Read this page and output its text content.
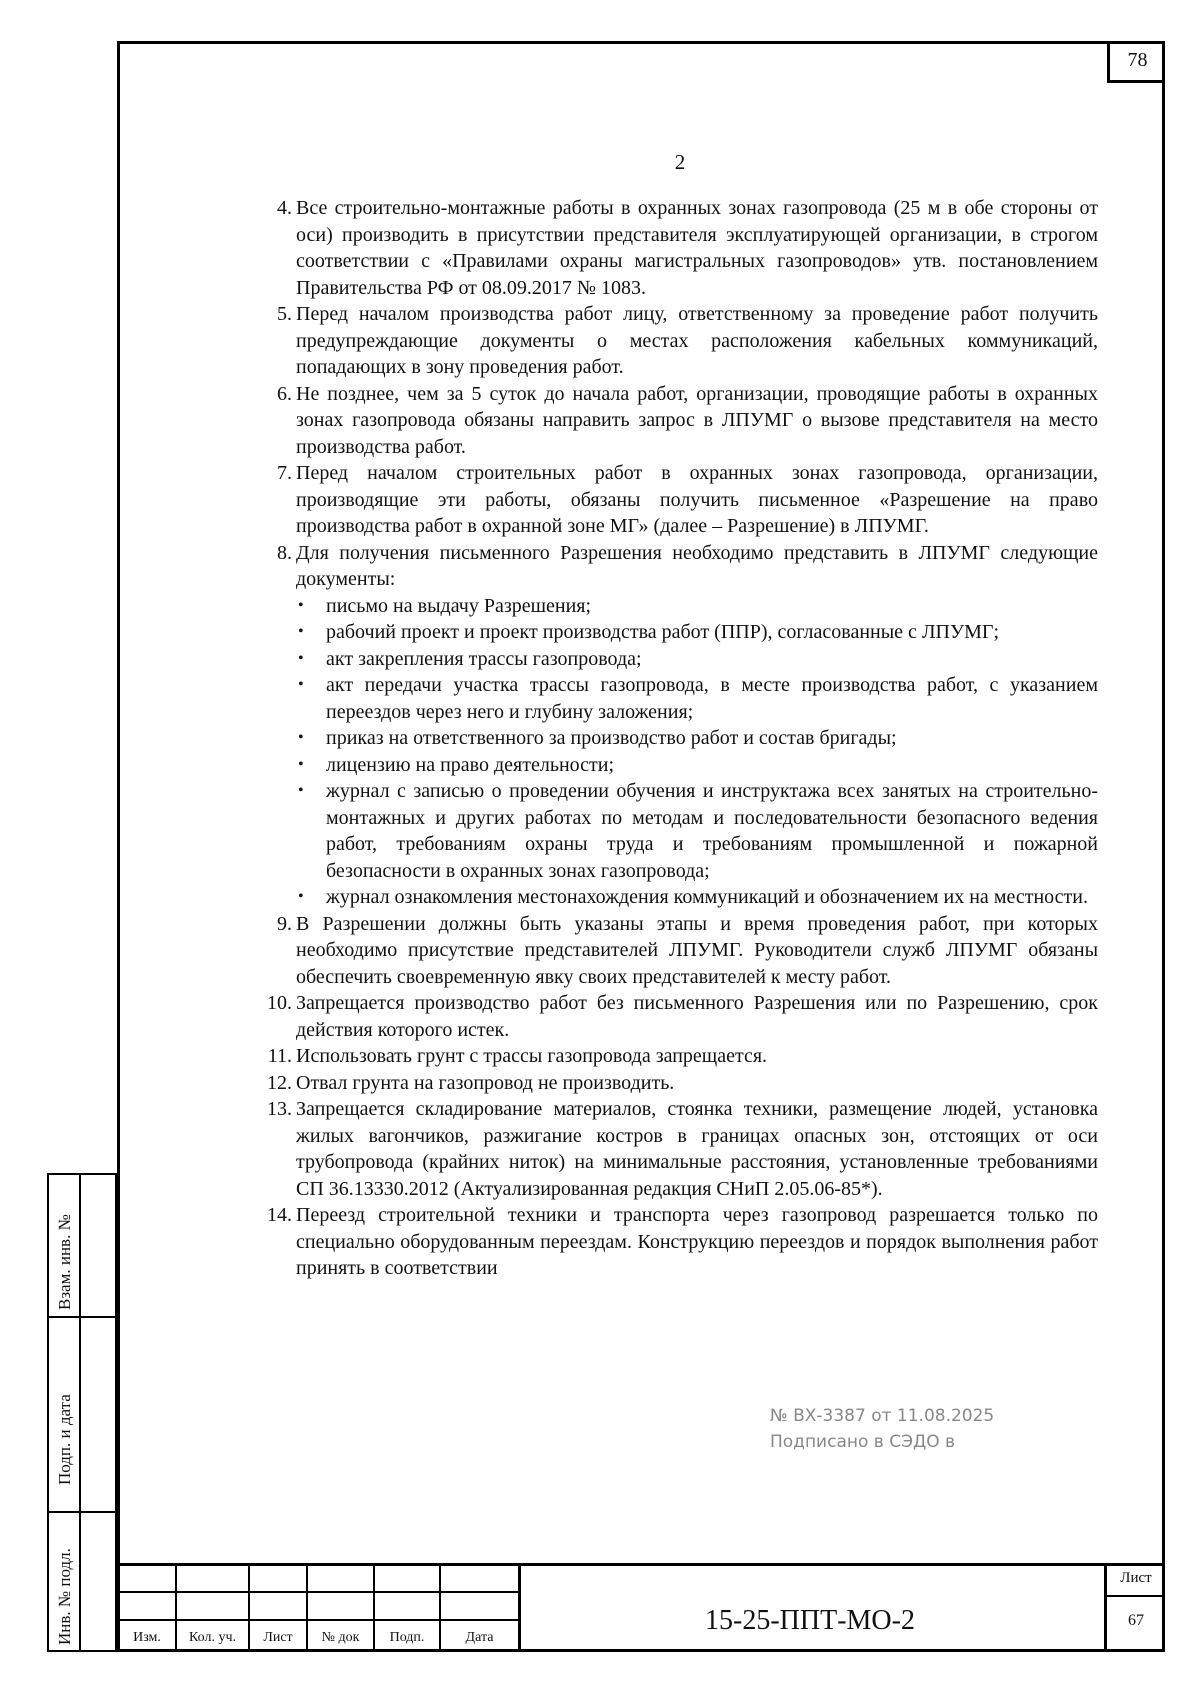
78
2
4. Все строительно-монтажные работы в охранных зонах газопровода (25 м в обе стороны от оси) производить в присутствии представителя эксплуатирующей организации, в строгом соответствии с «Правилами охраны магистральных газопроводов» утв. постановлением Правительства РФ от 08.09.2017 № 1083.

5. Перед началом производства работ лицу, ответственному за проведение работ получить предупреждающие документы о местах расположения кабельных коммуникаций, попадающих в зону проведения работ.

6. Не позднее, чем за 5 суток до начала работ, организации, проводящие работы в охранных зонах газопровода обязаны направить запрос в ЛПУМГ о вызове представителя на место производства работ.

7. Перед началом строительных работ в охранных зонах газопровода, организации, производящие эти работы, обязаны получить письменное «Разрешение на право производства работ в охранной зоне МГ» (далее – Разрешение) в ЛПУМГ.

8. Для получения письменного Разрешения необходимо представить в ЛПУМГ следующие документы:

• письмо на выдачу Разрешения;
• рабочий проект и проект производства работ (ППР), согласованные с ЛПУМГ;
• акт закрепления трассы газопровода;
• акт передачи участка трассы газопровода, в месте производства работ, с указанием переездов через него и глубину заложения;
• приказ на ответственного за производство работ и состав бригады;
• лицензию на право деятельности;
• журнал с записью о проведении обучения и инструктажа всех занятых на строительно-монтажных и других работах по методам и последовательности безопасного ведения работ, требованиям охраны труда и требованиям промышленной и пожарной безопасности в охранных зонах газопровода;
• журнал ознакомления местонахождения коммуникаций и обозначением их на местности.
9. В Разрешении должны быть указаны этапы и время проведения работ, при которых необходимо присутствие представителей ЛПУМГ. Руководители служб ЛПУМГ обязаны обеспечить своевременную явку своих представителей к месту работ.

10. Запрещается производство работ без письменного Разрешения или по Разрешению, срок действия которого истек.

11. Использовать грунт с трассы газопровода запрещается.

12. Отвал грунта на газопровод не производить.

13. Запрещается складирование материалов, стоянка техники, размещение людей, установка жилых вагончиков, разжигание костров в границах опасных зон, отстоящих от оси трубопровода (крайних ниток) на минимальные расстояния, установленные требованиями СП 36.13330.2012 (Актуализированная редакция СНиП 2.05.06-85*).

14. Переезд строительной техники и транспорта через газопровод разрешается только по специально оборудованным переездам. Конструкцию переездов и порядок выполнения работ принять в соответствии

№ ВХ-3387 от 11.08.2025
Подписано в СЭДО в
Взам. инв. №
Подп. и дата
Инв. № подл.	Изм.	Кол. уч.	Лист	№ док	Подп.	Дата
15-25-ППТ-МО-2
Лист
67
